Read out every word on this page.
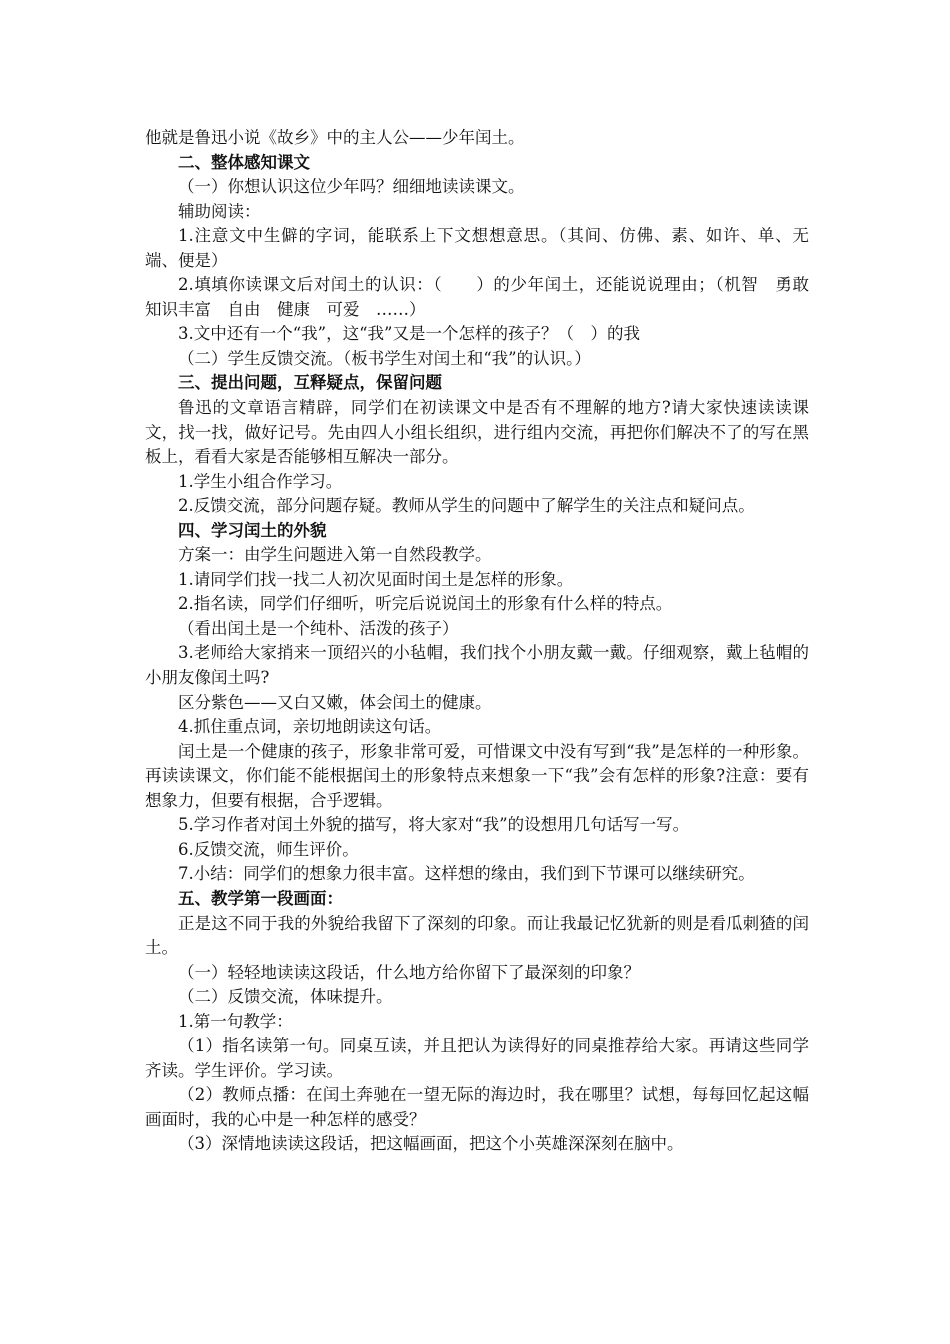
他就是鲁迅小说《故乡》中的主人公——少年闰土。

二、整体感知课文

（一）你想认识这位少年吗？细细地读读课文。

辅助阅读：

1.注意文中生僻的字词，能联系上下文想想意思。（其间、仿佛、素、如许、单、无端、便是）

2.填填你读课文后对闰土的认识：（　　）的少年闰土，还能说说理由；（机智　勇敢　知识丰富　自由　健康　可爱　……）

3.文中还有一个“我”，这“我”又是一个怎样的孩子？（　）的我

（二）学生反馈交流。（板书学生对闰土和“我”的认识。）

三、提出问题，互释疑点，保留问题

鲁迅的文章语言精辟，同学们在初读课文中是否有不理解的地方?请大家快速读读课文，找一找，做好记号。先由四人小组长组织，进行组内交流，再把你们解决不了的写在黑板上，看看大家是否能够相互解决一部分。

1.学生小组合作学习。

2.反馈交流，部分问题存疑。教师从学生的问题中了解学生的关注点和疑问点。

四、学习闰土的外貌

方案一：由学生问题进入第一自然段教学。

1.请同学们找一找二人初次见面时闰土是怎样的形象。

2.指名读，同学们仔细听，听完后说说闰土的形象有什么样的特点。

（看出闰土是一个纯朴、活泼的孩子）

3.老师给大家捎来一顶绍兴的小毡帽，我们找个小朋友戴一戴。仔细观察，戴上毡帽的小朋友像闰土吗?

区分紫色——又白又嫩，体会闰土的健康。

4.抓住重点词，亲切地朗读这句话。

闰土是一个健康的孩子，形象非常可爱，可惜课文中没有写到“我”是怎样的一种形象。再读读课文，你们能不能根据闰土的形象特点来想象一下“我”会有怎样的形象?注意：要有想象力，但要有根据，合乎逻辑。

5.学习作者对闰土外貌的描写，将大家对“我”的设想用几句话写一写。

6.反馈交流，师生评价。

7.小结：同学们的想象力很丰富。这样想的缘由，我们到下节课可以继续研究。

五、教学第一段画面：

正是这不同于我的外貌给我留下了深刻的印象。而让我最记忆犹新的则是看瓜刺猹的闰土。

（一）轻轻地读读这段话，什么地方给你留下了最深刻的印象？

（二）反馈交流，体味提升。

1.第一句教学：

（1）指名读第一句。同桌互读，并且把认为读得好的同桌推荐给大家。再请这些同学齐读。学生评价。学习读。

（2）教师点播：在闰土奔驰在一望无际的海边时，我在哪里？试想，每每回忆起这幅画面时，我的心中是一种怎样的感受？

（3）深情地读读这段话，把这幅画面，把这个小英雄深深刻在脑中。
